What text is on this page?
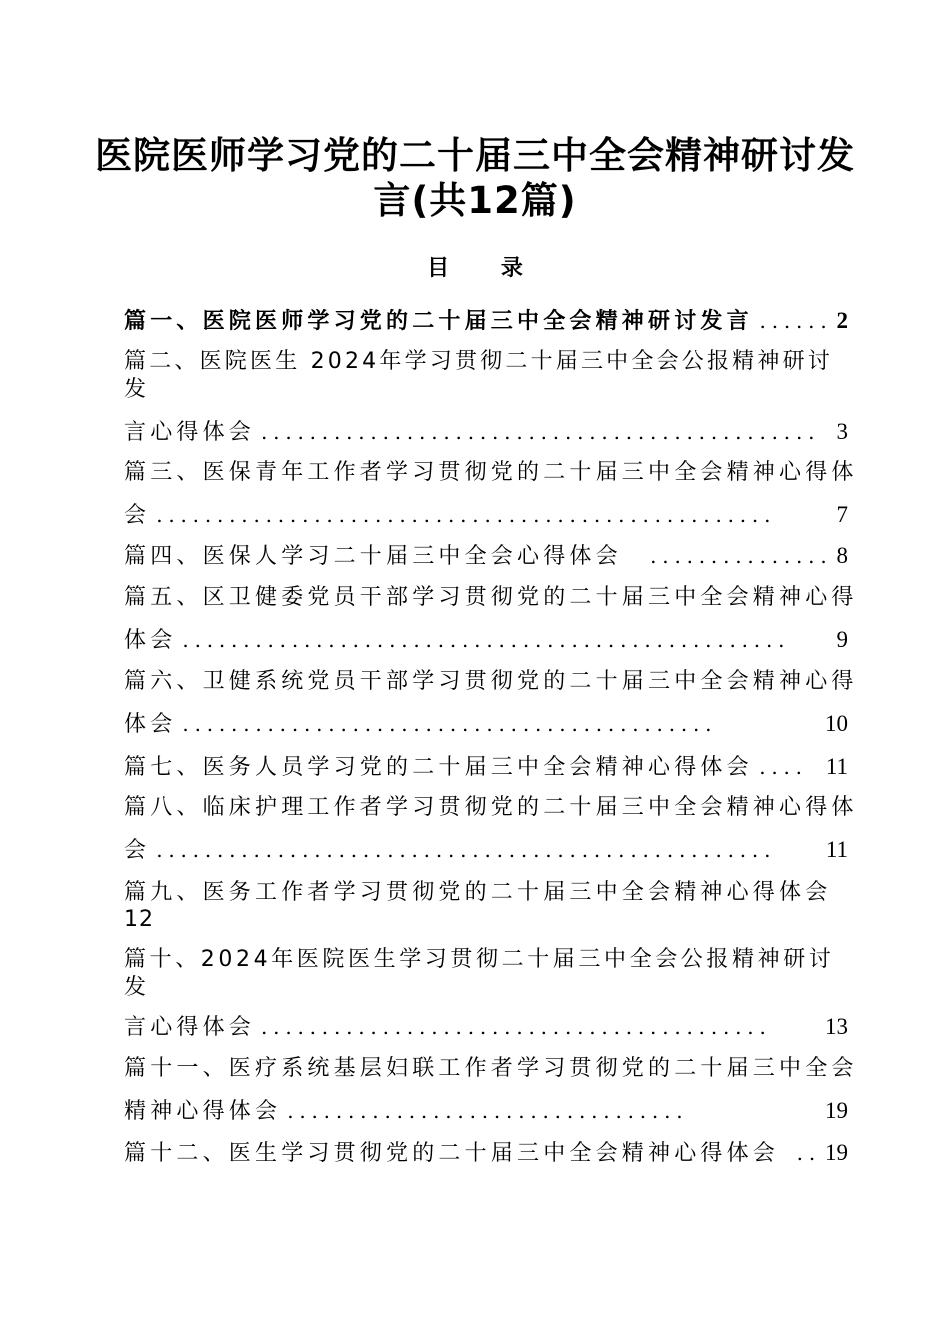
医院医师学习党的二十届三中全会精神研讨发
言(共12篇)
目 录
篇一、医院医师学习党的二十届三中全会精神研讨发言 ...... 2
篇二、医院医生 2024年学习贯彻二十届三中全会公报精神研讨
发
言心得体会 .............................................. 3
篇三、医保青年工作者学习贯彻党的二十届三中全会精神心得体
会 ...................................................	7
篇四、医保人学习二十届三中全会心得体会	............... 8
篇五、区卫健委党员干部学习贯彻党的二十届三中全会精神心得
体会 ..................................................	9
篇六、卫健系统党员干部学习贯彻党的二十届三中全会精神心得
体会 ............................................	10
篇七、医务人员学习党的二十届三中全会精神心得体会 .... 11
篇八、临床护理工作者学习贯彻党的二十届三中全会精神心得体
会 ...................................................	11
篇九、医务工作者学习贯彻党的二十届三中全会精神心得体会
12
篇十、2024年医院医生学习贯彻二十届三中全会公报精神研讨
发
言心得体会 ..........................................	13
篇十一、医疗系统基层妇联工作者学习贯彻党的二十届三中全会
精神心得体会 .................................	19
篇十二、医生学习贯彻党的二十届三中全会精神心得体会 .. 19
